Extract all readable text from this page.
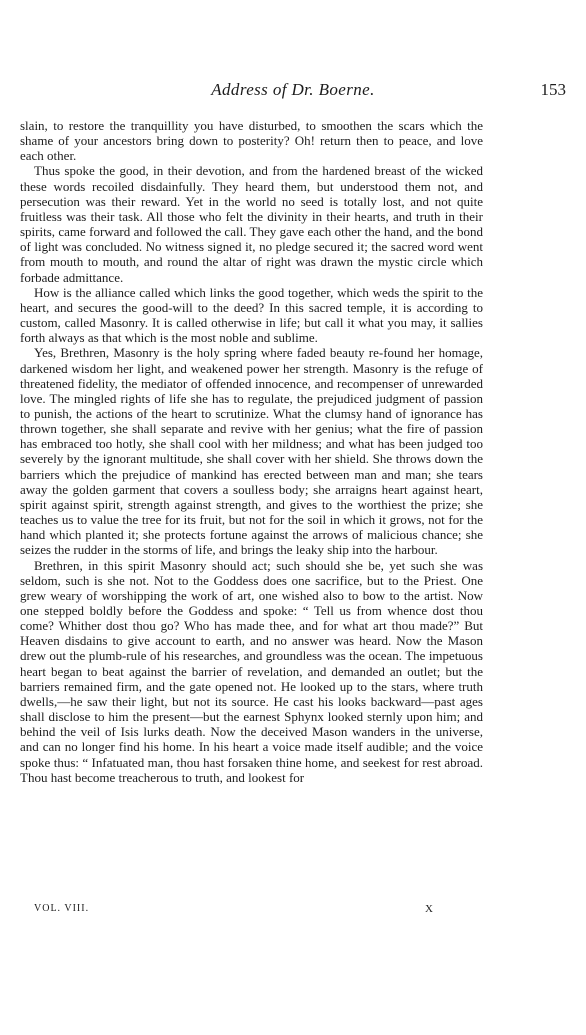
Address of Dr. Boerne.	153

slain, to restore the tranquillity you have disturbed, to smoothen the scars which the shame of your ancestors bring down to posterity? Oh! return then to peace, and love each other.

Thus spoke the good, in their devotion, and from the hardened breast of the wicked these words recoiled disdainfully. They heard them, but understood them not, and persecution was their reward. Yet in the world no seed is totally lost, and not quite fruitless was their task. All those who felt the divinity in their hearts, and truth in their spirits, came forward and followed the call. They gave each other the hand, and the bond of light was concluded. No witness signed it, no pledge secured it; the sacred word went from mouth to mouth, and round the altar of right was drawn the mystic circle which forbade admittance.

How is the alliance called which links the good together, which weds the spirit to the heart, and secures the good-will to the deed? In this sacred temple, it is according to custom, called Masonry. It is called otherwise in life; but call it what you may, it sallies forth always as that which is the most noble and sublime.

Yes, Brethren, Masonry is the holy spring where faded beauty re-found her homage, darkened wisdom her light, and weakened power her strength. Masonry is the refuge of threatened fidelity, the mediator of offended innocence, and recompenser of unrewarded love. The mingled rights of life she has to regulate, the prejudiced judgment of passion to punish, the actions of the heart to scrutinize. What the clumsy hand of ignorance has thrown together, she shall separate and revive with her genius; what the fire of passion has embraced too hotly, she shall cool with her mildness; and what has been judged too severely by the ignorant multitude, she shall cover with her shield. She throws down the barriers which the prejudice of mankind has erected between man and man; she tears away the golden garment that covers a soulless body; she arraigns heart against heart, spirit against spirit, strength against strength, and gives to the worthiest the prize; she teaches us to value the tree for its fruit, but not for the soil in which it grows, not for the hand which planted it; she protects fortune against the arrows of malicious chance; she seizes the rudder in the storms of life, and brings the leaky ship into the harbour.

Brethren, in this spirit Masonry should act; such should she be, yet such she was seldom, such is she not. Not to the Goddess does one sacrifice, but to the Priest. One grew weary of worshipping the work of art, one wished also to bow to the artist. Now one stepped boldly before the Goddess and spoke: “ Tell us from whence dost thou come? Whither dost thou go? Who has made thee, and for what art thou made?” But Heaven disdains to give account to earth, and no answer was heard. Now the Mason drew out the plumb-rule of his researches, and groundless was the ocean. The impetuous heart began to beat against the barrier of revelation, and demanded an outlet; but the barriers remained firm, and the gate opened not. He looked up to the stars, where truth dwells,—he saw their light, but not its source. He cast his looks backward—past ages shall disclose to him the present—but the earnest Sphynx looked sternly upon him; and behind the veil of Isis lurks death. Now the deceived Mason wanders in the universe, and can no longer find his home. In his heart a voice made itself audible; and the voice spoke thus: “ Infatuated man, thou hast forsaken thine home, and seekest for rest abroad. Thou hast become treacherous to truth, and lookest for

VOL. VIII.	X
